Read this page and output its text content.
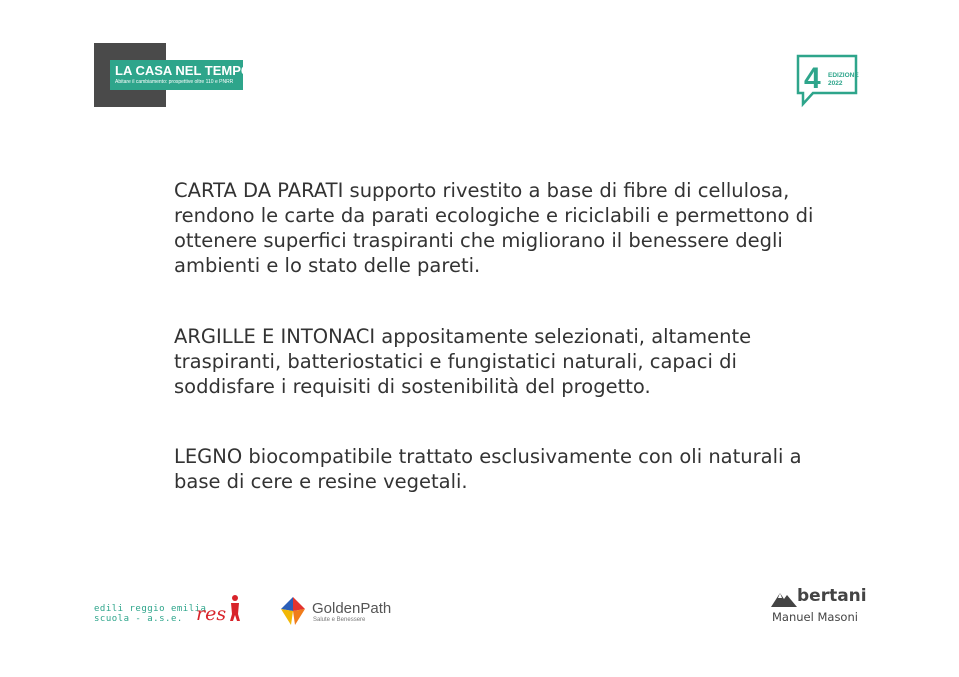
LA CASA NEL TEMPO
Abitare il cambiamento: prospettive oltre 110 e PNRR	4 EDIZIONE
2022

CARTA DA PARATI supporto rivestito a base di fibre di cellulosa, rendono le carte da parati ecologiche e riciclabili e permettono di ottenere superfici traspiranti che migliorano il benessere degli ambienti e lo stato delle pareti.

ARGILLE E INTONACI appositamente selezionati, altamente traspiranti, batteriostatici e fungistatici naturali, capaci di soddisfare i requisiti di sostenibilità del progetto.

LEGNO biocompatibile trattato esclusivamente con oli naturali a base di cere e resine vegetali.

edili reggio emilia
scuola - a.s.e. res	GoldenPath
Salute e Benessere
bertani
Manuel Masoni
